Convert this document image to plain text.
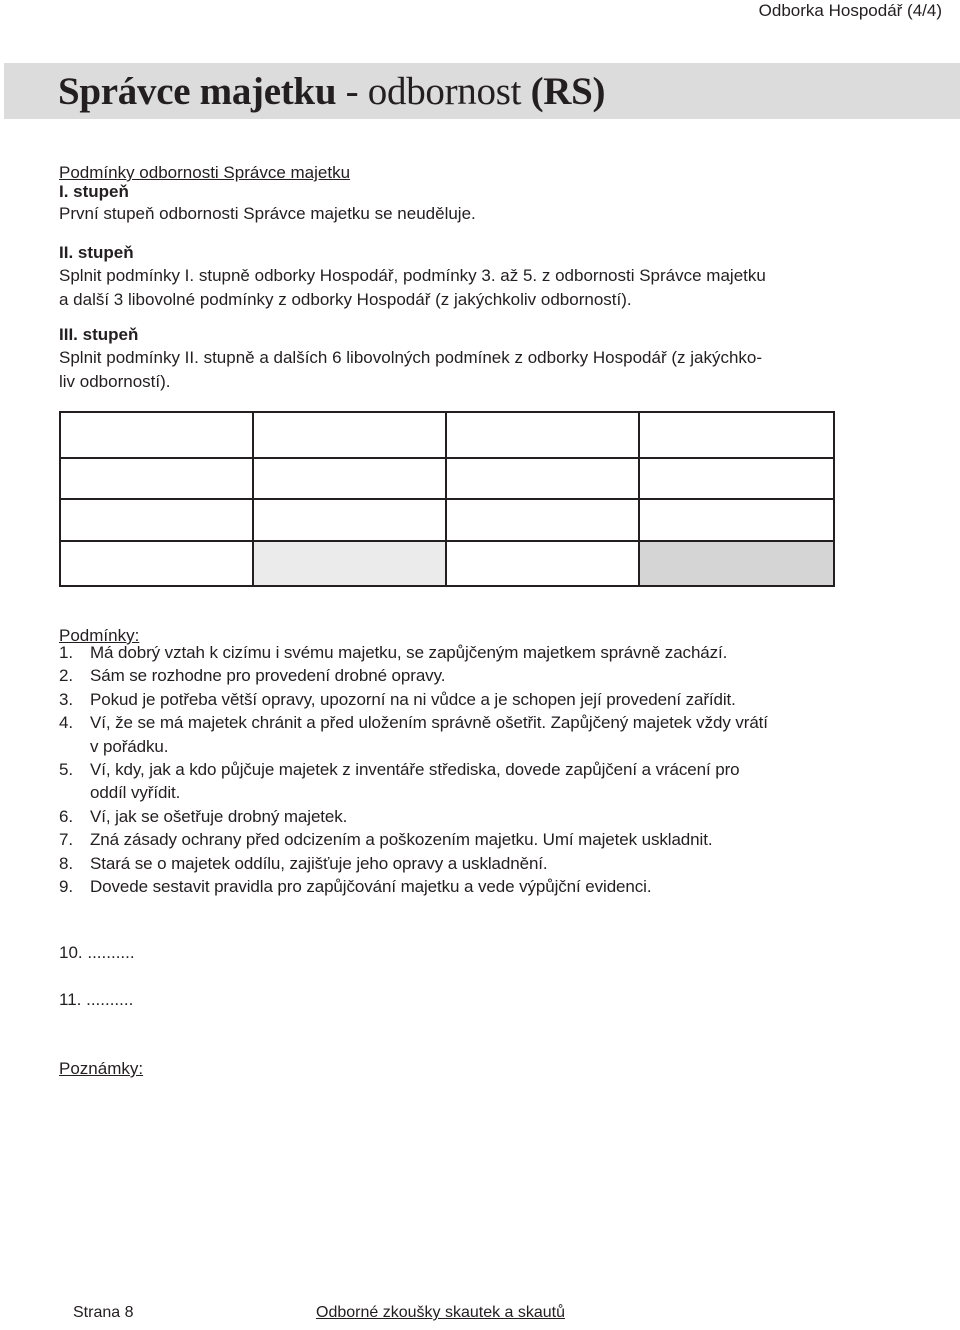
Odborka Hospodář (4/4)
Správce majetku - odbornost (RS)

Podmínky odbornosti Správce majetku

I. stupeň

První stupeň odbornosti Správce majetku se neuděluje.

II. stupeň

Splnit podmínky I. stupně odborky Hospodář, podmínky 3. až 5. z odbornosti Správce majetku

a další 3 libovolné podmínky z odborky Hospodář (z jakýchkoliv odborností).

III. stupeň

Splnit podmínky II. stupně a dalších 6 libovolných podmínek z odborky Hospodář (z jakýchko-

liv odborností).

Podmínky:

1. Má dobrý vztah k cizímu i svému majetku, se zapůjčeným majetkem správně zachází.
2. Sám se rozhodne pro provedení drobné opravy.
3. Pokud je potřeba větší opravy, upozorní na ni vůdce a je schopen její provedení zařídit.
4. Ví, že se má majetek chránit a před uložením správně ošetřit. Zapůjčený majetek vždy vrátí
v pořádku.
5. Ví, kdy, jak a kdo půjčuje majetek z inventáře střediska, dovede zapůjčení a vrácení pro
oddíl vyřídit.
6. Ví, jak se ošetřuje drobný majetek.
7. Zná zásady ochrany před odcizením a poškozením majetku. Umí majetek uskladnit.
8. Stará se o majetek oddílu, zajišťuje jeho opravy a uskladnění.
9. Dovede sestavit pravidla pro zapůjčování majetku a vede výpůjční evidenci.

10. ..........

11. ..........

Poznámky:

Strana 8	Odborné zkoušky skautek a skautů
